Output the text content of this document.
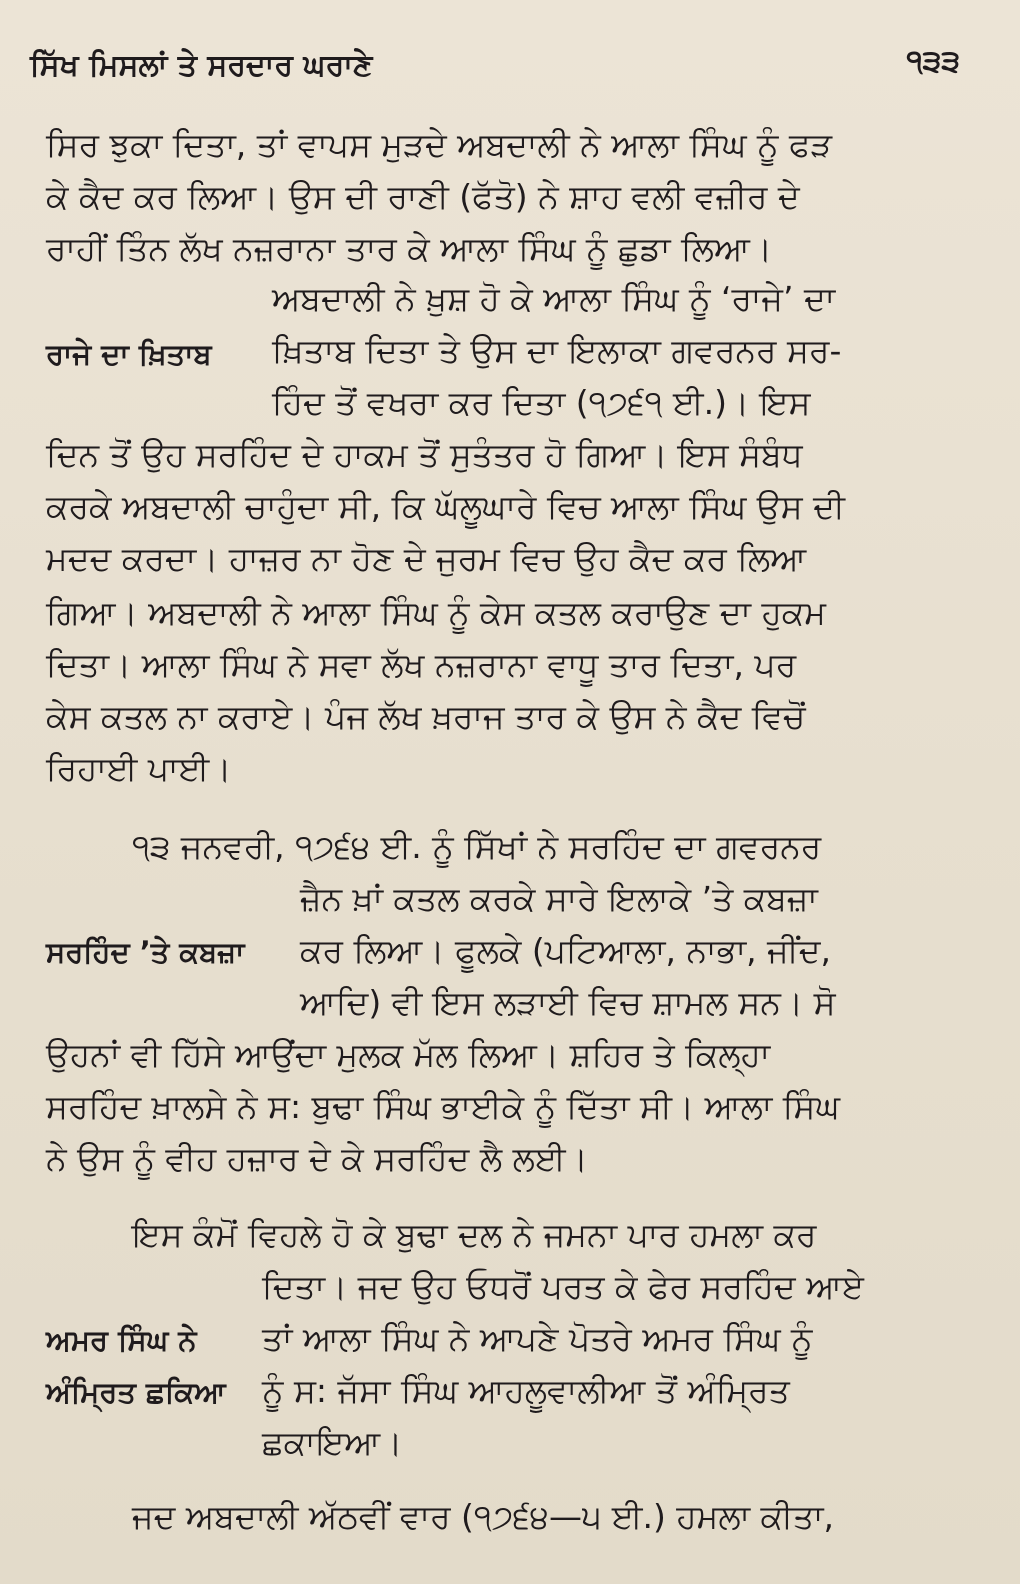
ਸਿੱਖ ਮਿਸਲਾਂ ਤੇ ਸਰਦਾਰ ਘਰਾਣੇ	੧੩੩
ਸਿਰ ਝੁਕਾ ਦਿਤਾ, ਤਾਂ ਵਾਪਸ ਮੁੜਦੇ ਅਬਦਾਲੀ ਨੇ ਆਲਾ ਸਿੰਘ ਨੂੰ ਫੜ
ਕੇ ਕੈਦ ਕਰ ਲਿਆ। ਉਸ ਦੀ ਰਾਣੀ (ਫੱਤੋ) ਨੇ ਸ਼ਾਹ ਵਲੀ ਵਜ਼ੀਰ ਦੇ
ਰਾਹੀਂ ਤਿੰਨ ਲੱਖ ਨਜ਼ਰਾਨਾ ਤਾਰ ਕੇ ਆਲਾ ਸਿੰਘ ਨੂੰ ਛੁਡਾ ਲਿਆ।
ਅਬਦਾਲੀ ਨੇ ਖ਼ੁਸ਼ ਹੋ ਕੇ ਆਲਾ ਸਿੰਘ ਨੂੰ ‘ਰਾਜੇ’ ਦਾ
ਰਾਜੇ ਦਾ ਖ਼ਿਤਾਬ ਖ਼ਿਤਾਬ ਦਿਤਾ ਤੇ ਉਸ ਦਾ ਇਲਾਕਾ ਗਵਰਨਰ ਸਰ-
ਹਿੰਦ ਤੋਂ ਵਖਰਾ ਕਰ ਦਿਤਾ (੧੭੬੧ ਈ.)। ਇਸ
ਦਿਨ ਤੋਂ ਉਹ ਸਰਹਿੰਦ ਦੇ ਹਾਕਮ ਤੋਂ ਸੁਤੰਤਰ ਹੋ ਗਿਆ। ਇਸ ਸੰਬੰਧ
ਕਰਕੇ ਅਬਦਾਲੀ ਚਾਹੁੰਦਾ ਸੀ, ਕਿ ਘੱਲੂਘਾਰੇ ਵਿਚ ਆਲਾ ਸਿੰਘ ਉਸ ਦੀ
ਮਦਦ ਕਰਦਾ। ਹਾਜ਼ਰ ਨਾ ਹੋਣ ਦੇ ਜੁਰਮ ਵਿਚ ਉਹ ਕੈਦ ਕਰ ਲਿਆ
ਗਿਆ। ਅਬਦਾਲੀ ਨੇ ਆਲਾ ਸਿੰਘ ਨੂੰ ਕੇਸ ਕਤਲ ਕਰਾਉਣ ਦਾ ਹੁਕਮ
ਦਿਤਾ। ਆਲਾ ਸਿੰਘ ਨੇ ਸਵਾ ਲੱਖ ਨਜ਼ਰਾਨਾ ਵਾਧੂ ਤਾਰ ਦਿਤਾ, ਪਰ
ਕੇਸ ਕਤਲ ਨਾ ਕਰਾਏ। ਪੰਜ ਲੱਖ ਖ਼ਰਾਜ ਤਾਰ ਕੇ ਉਸ ਨੇ ਕੈਦ ਵਿਚੋਂ
ਰਿਹਾਈ ਪਾਈ।
੧੩ ਜਨਵਰੀ, ੧੭੬੪ ਈ. ਨੂੰ ਸਿੱਖਾਂ ਨੇ ਸਰਹਿੰਦ ਦਾ ਗਵਰਨਰ
ਜ਼ੈਨ ਖ਼ਾਂ ਕਤਲ ਕਰਕੇ ਸਾਰੇ ਇਲਾਕੇ ’ਤੇ ਕਬਜ਼ਾ
ਸਰਹਿੰਦ ’ਤੇ ਕਬਜ਼ਾ ਕਰ ਲਿਆ। ਫੂਲਕੇ (ਪਟਿਆਲਾ, ਨਾਭਾ, ਜੀਂਦ,
ਆਦਿ) ਵੀ ਇਸ ਲੜਾਈ ਵਿਚ ਸ਼ਾਮਲ ਸਨ। ਸੋ
ਉਹਨਾਂ ਵੀ ਹਿੱਸੇ ਆਉਂਦਾ ਮੁਲਕ ਮੱਲ ਲਿਆ। ਸ਼ਹਿਰ ਤੇ ਕਿਲ੍ਹਾ
ਸਰਹਿੰਦ ਖ਼ਾਲਸੇ ਨੇ ਸ: ਬੁਢਾ ਸਿੰਘ ਭਾਈਕੇ ਨੂੰ ਦਿੱਤਾ ਸੀ। ਆਲਾ ਸਿੰਘ
ਨੇ ਉਸ ਨੂੰ ਵੀਹ ਹਜ਼ਾਰ ਦੇ ਕੇ ਸਰਹਿੰਦ ਲੈ ਲਈ।
ਇਸ ਕੰਮੋਂ ਵਿਹਲੇ ਹੋ ਕੇ ਬੁਢਾ ਦਲ ਨੇ ਜਮਨਾ ਪਾਰ ਹਮਲਾ ਕਰ
ਦਿਤਾ। ਜਦ ਉਹ ਓਧਰੋਂ ਪਰਤ ਕੇ ਫੇਰ ਸਰਹਿੰਦ ਆਏ
ਅਮਰ ਸਿੰਘ ਨੇ ਤਾਂ ਆਲਾ ਸਿੰਘ ਨੇ ਆਪਣੇ ਪੋਤਰੇ ਅਮਰ ਸਿੰਘ ਨੂੰ
ਅੰਮ੍ਰਿਤ ਛਕਿਆ ਨੂੰ ਸ: ਜੱਸਾ ਸਿੰਘ ਆਹਲੂਵਾਲੀਆ ਤੋਂ ਅੰਮ੍ਰਿਤ
ਛਕਾਇਆ।
ਜਦ ਅਬਦਾਲੀ ਅੱਠਵੀਂ ਵਾਰ (੧੭੬੪—੫ ਈ.) ਹਮਲਾ ਕੀਤਾ,
